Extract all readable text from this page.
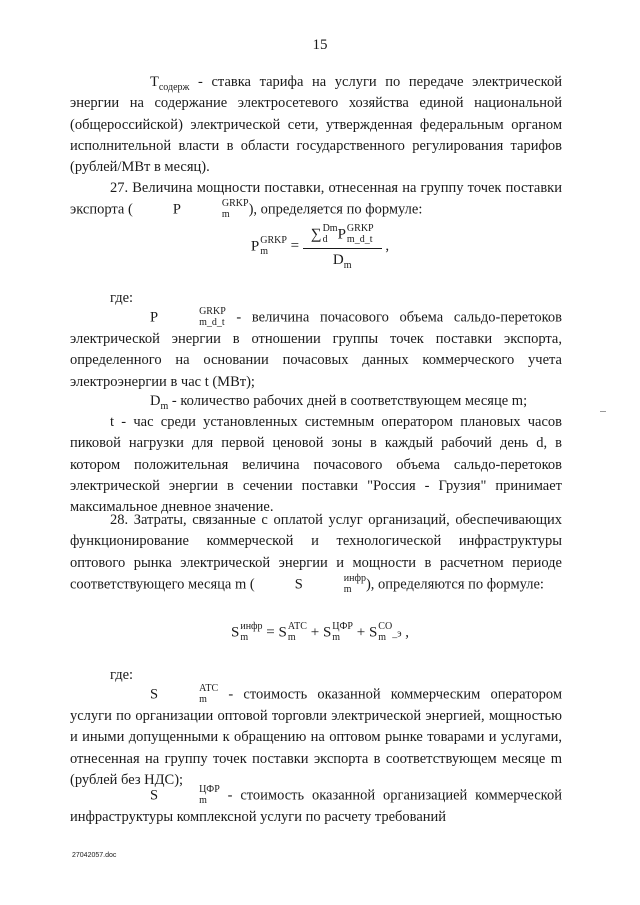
15

$T_{содерж}$ - ставка тарифа на услуги по передаче электрической энергии на содержание электросетевого хозяйства единой национальной (общероссийской) электрической сети, утвержденная федеральным органом исполнительной власти в области государственного регулирования тарифов (рублей/МВт в месяц).

27. Величина мощности поставки, отнесенная на группу точек поставки экспорта (	P	GRKP
m	), определяется по формуле:

P GRKP
m	= ∑ Dm
d P GRKP
m_d_t
$D_m$ ,

где:

P	GRKP
m_d_t - величина почасового объема сальдо-перетоков

электрической энергии в отношении группы точек поставки экспорта, определенного на основании почасовых данных коммерческого учета электроэнергии в час t (МВт);

$D_m$ - количество рабочих дней в соответствующем месяце m;

t - час среди установленных системным оператором плановых часов пиковой нагрузки для первой ценовой зоны в каждый рабочий день d, в котором положительная величина почасового объема сальдо-перетоков электрической энергии в сечении поставки "Россия - Грузия" принимает максимальное дневное значение.

28. Затраты, связанные с оплатой услуг организаций, обеспечивающих функционирование коммерческой и технологической инфраструктуры оптового рынка электрической энергии и мощности в расчетном периоде соответствующего месяца m (	S	инфр
m ), определяются по формуле:

S инфр
m	= S АТС
m	+ S ЦФР
m	+ S СО
m _э ,

где:

S	АТС
m - стоимость оказанной коммерческим оператором услуги по организации оптовой торговли электрической энергией, мощностью и иными допущенными к обращению на оптовом рынке товарами и услугами, отнесенная на группу точек поставки экспорта в соответствующем месяце m (рублей без НДС);

S	ЦФР
m - стоимость оказанной организацией коммерческой инфраструктуры комплексной услуги по расчету требований

27042057.doc
